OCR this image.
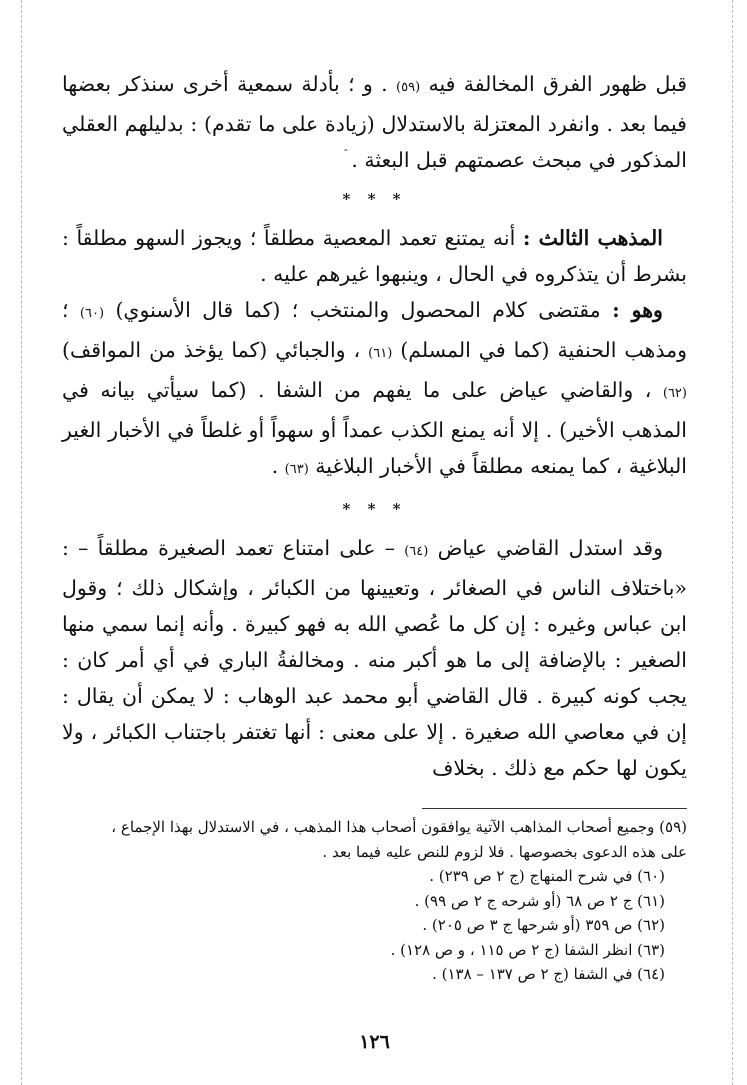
ˆ

قبل ظهور الفرق المخالفة فيه (٥٩) . و ؛ بأدلة سمعية أخرى سنذكر بعضها فيما بعد . وانفرد المعتزلة بالاستدلال (زيادة على ما تقدم) : بدليلهم العقلي المذكور في مبحث عصمتهم قبل البعثة .

* * *

المذهب الثالث : أنه يمتنع تعمد المعصية مطلقاً ؛ ويجوز السهو مطلقاً : بشرط أن يتذكروه في الحال ، وينبهوا غيرهم عليه .

وهو : مقتضى كلام المحصول والمنتخب ؛ (كما قال الأسنوي) (٦٠) ؛ ومذهب الحنفية (كما في المسلم) (٦١) ، والجبائي (كما يؤخذ من المواقف) (٦٢) ، والقاضي عياض على ما يفهم من الشفا . (كما سيأتي بيانه في المذهب الأخير) . إلا أنه يمنع الكذب عمداً أو سهواً أو غلطاً في الأخبار الغير البلاغية ، كما يمنعه مطلقاً في الأخبار البلاغية (٦٣) .

* * *

وقد استدل القاضي عياض (٦٤) – على امتناع تعمد الصغيرة مطلقاً – : «باختلاف الناس في الصغائر ، وتعيينها من الكبائر ، وإشكال ذلك ؛ وقول ابن عباس وغيره : إن كل ما عُصي الله به فهو كبيرة . وأنه إنما سمي منها الصغير : بالإضافة إلى ما هو أكبر منه . ومخالفةُ الباري في أي أمر كان : يجب كونه كبيرة . قال القاضي أبو محمد عبد الوهاب : لا يمكن أن يقال : إن في معاصي الله صغيرة . إلا على معنى : أنها تغتفر باجتناب الكبائر ، ولا يكون لها حكم مع ذلك . بخلاف

(٥٩) وجميع أصحاب المذاهب الآتية يوافقون أصحاب هذا المذهب ، في الاستدلال بهذا الإجماع ،

على هذه الدعوى بخصوصها . فلا لزوم للنص عليه فيما بعد .

(٦٠) في شرح المنهاج (ج ٢ ص ٢٣٩) .

(٦١) ج ٢ ص ٦٨ (أو شرحه ج ٢ ص ٩٩) .

(٦٢) ص ٣٥٩ (أو شرحها ج ٣ ص ٢٠٥) .

(٦٣) انظر الشفا (ج ٢ ص ١١٥ ، و ص ١٢٨) .

(٦٤) في الشفا (ج ٢ ص ١٣٧ – ١٣٨) .

١٢٦
